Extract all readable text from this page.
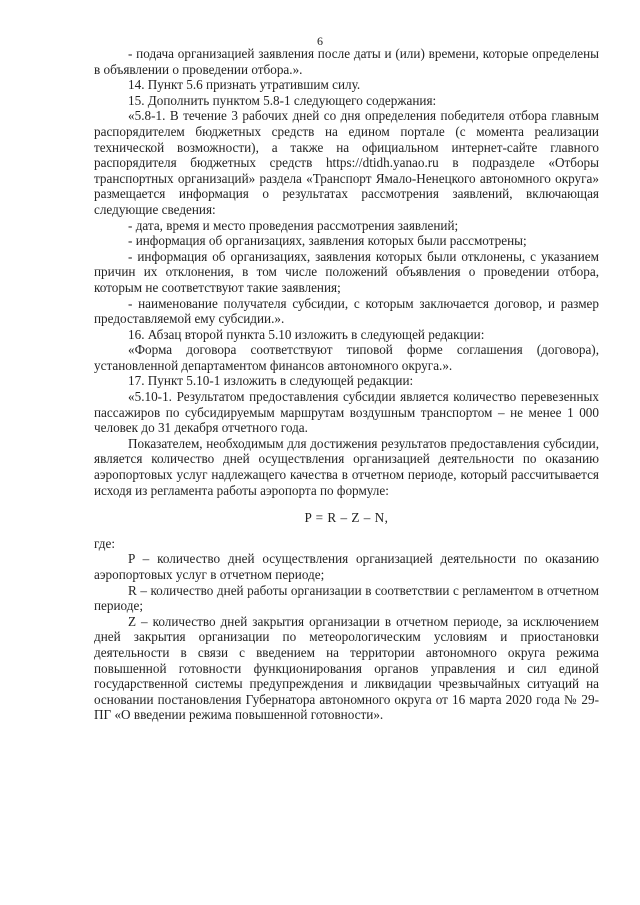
6

- подача организацией заявления после даты и (или) времени, которые определены в объявлении о проведении отбора.».

14. Пункт 5.6 признать утратившим силу.

15. Дополнить пунктом 5.8-1 следующего содержания:

«5.8-1. В течение 3 рабочих дней со дня определения победителя отбора главным распорядителем бюджетных средств на едином портале (с момента реализации технической возможности), а также на официальном интернет-сайте главного распорядителя бюджетных средств https://dtidh.yanao.ru в подразделе «Отборы транспортных организаций» раздела «Транспорт Ямало-Ненецкого автономного округа» размещается информация о результатах рассмотрения заявлений, включающая следующие сведения:

- дата, время и место проведения рассмотрения заявлений;

- информация об организациях, заявления которых были рассмотрены;

- информация об организациях, заявления которых были отклонены, с указанием причин их отклонения, в том числе положений объявления о проведении отбора, которым не соответствуют такие заявления;

- наименование получателя субсидии, с которым заключается договор, и размер предоставляемой ему субсидии.».

16. Абзац второй пункта 5.10 изложить в следующей редакции:

«Форма договора соответствуют типовой форме соглашения (договора), установленной департаментом финансов автономного округа.».

17. Пункт 5.10-1 изложить в следующей редакции:

«5.10-1. Результатом предоставления субсидии является количество перевезенных пассажиров по субсидируемым маршрутам воздушным транспортом – не менее 1 000 человек до 31 декабря отчетного года.

Показателем, необходимым для достижения результатов предоставления субсидии, является количество дней осуществления организацией деятельности по оказанию аэропортовых услуг надлежащего качества в отчетном периоде, который рассчитывается исходя из регламента работы аэропорта по формуле:

P = R – Z – N,

где:

P – количество дней осуществления организацией деятельности по оказанию аэропортовых услуг в отчетном периоде;

R – количество дней работы организации в соответствии с регламентом в отчетном периоде;

Z – количество дней закрытия организации в отчетном периоде, за исключением дней закрытия организации по метеорологическим условиям и приостановки деятельности в связи с введением на территории автономного округа режима повышенной готовности функционирования органов управления и сил единой государственной системы предупреждения и ликвидации чрезвычайных ситуаций на основании постановления Губернатора автономного округа от 16 марта 2020 года № 29-ПГ «О введении режима повышенной готовности».
